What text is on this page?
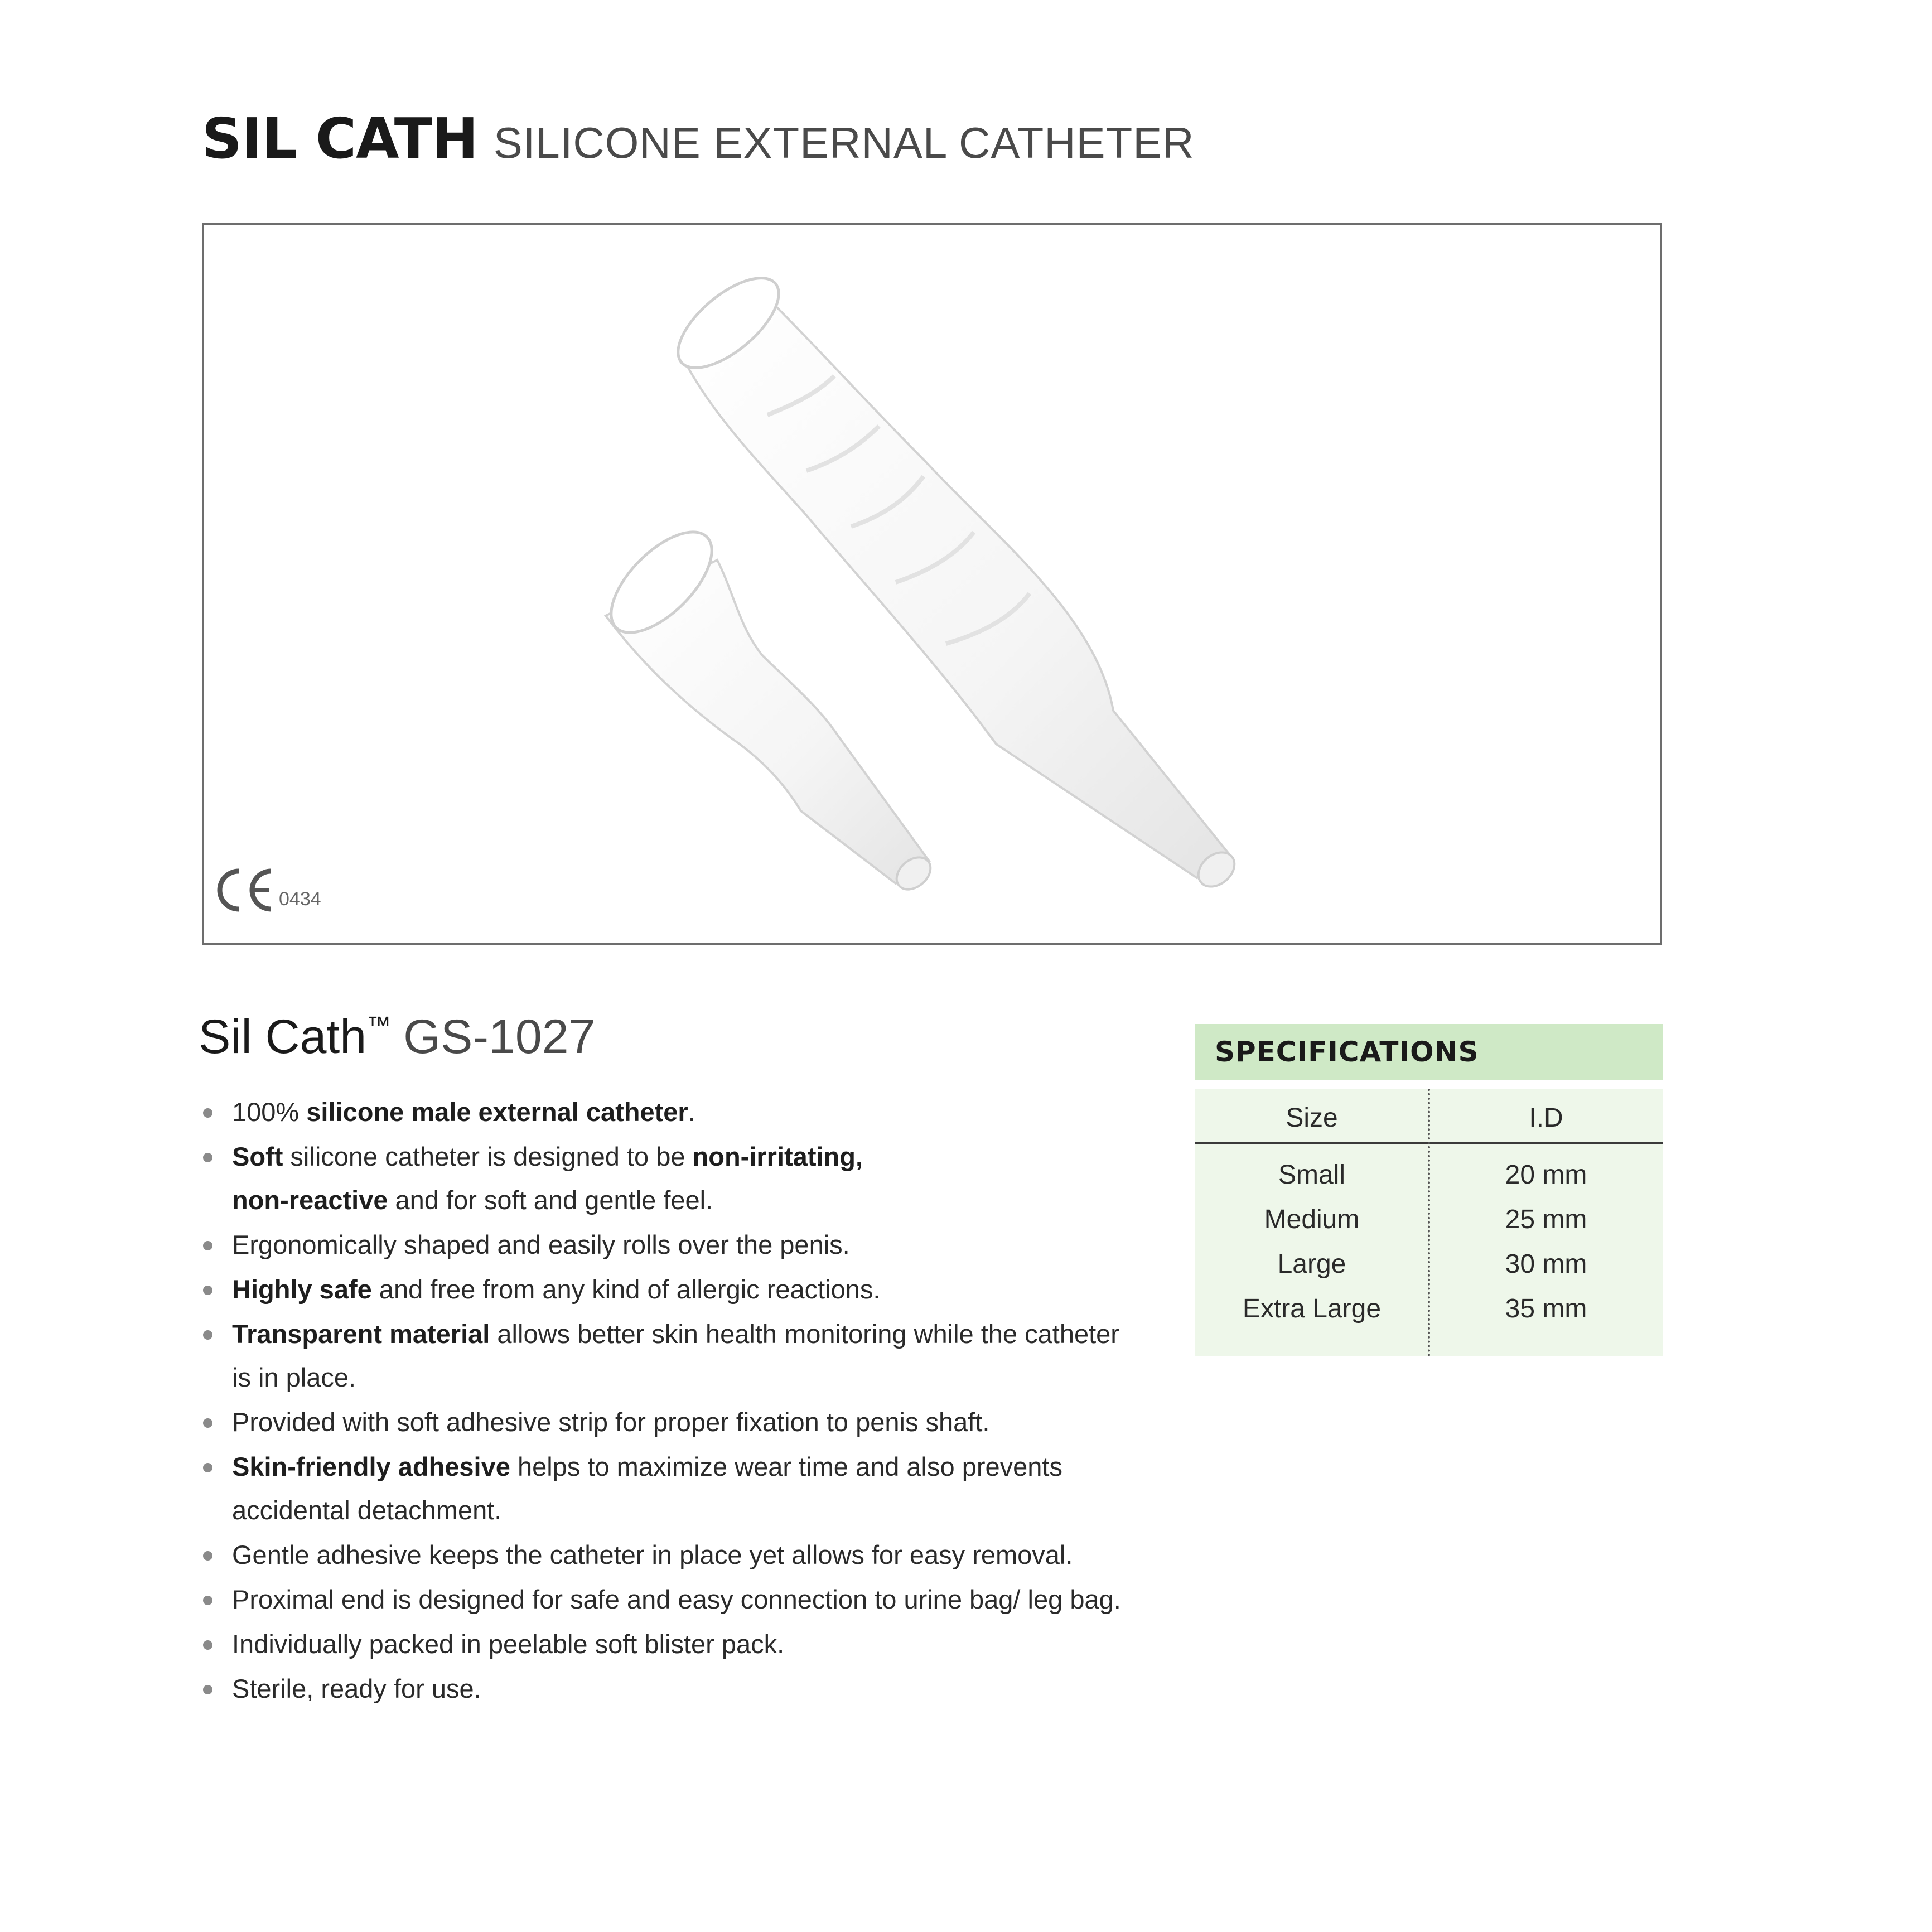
SIL CATH SILICONE EXTERNAL CATHETER
0434
Sil Cath™ GS-1027
100% silicone male external catheter.
Soft silicone catheter is designed to be non-irritating,
non-reactive and for soft and gentle feel.
Ergonomically shaped and easily rolls over the penis.
Highly safe and free from any kind of allergic reactions.
Transparent material allows better skin health monitoring while the catheter
is in place.
Provided with soft adhesive strip for proper fixation to penis shaft.
Skin-friendly adhesive helps to maximize wear time and also prevents
accidental detachment.
Gentle adhesive keeps the catheter in place yet allows for easy removal.
Proximal end is designed for safe and easy connection to urine bag/ leg bag.
Individually packed in peelable soft blister pack.
Sterile, ready for use.
SPECIFICATIONS
Size	I.D
Small	20 mm
Medium	25 mm
Large	30 mm
Extra Large	35 mm
